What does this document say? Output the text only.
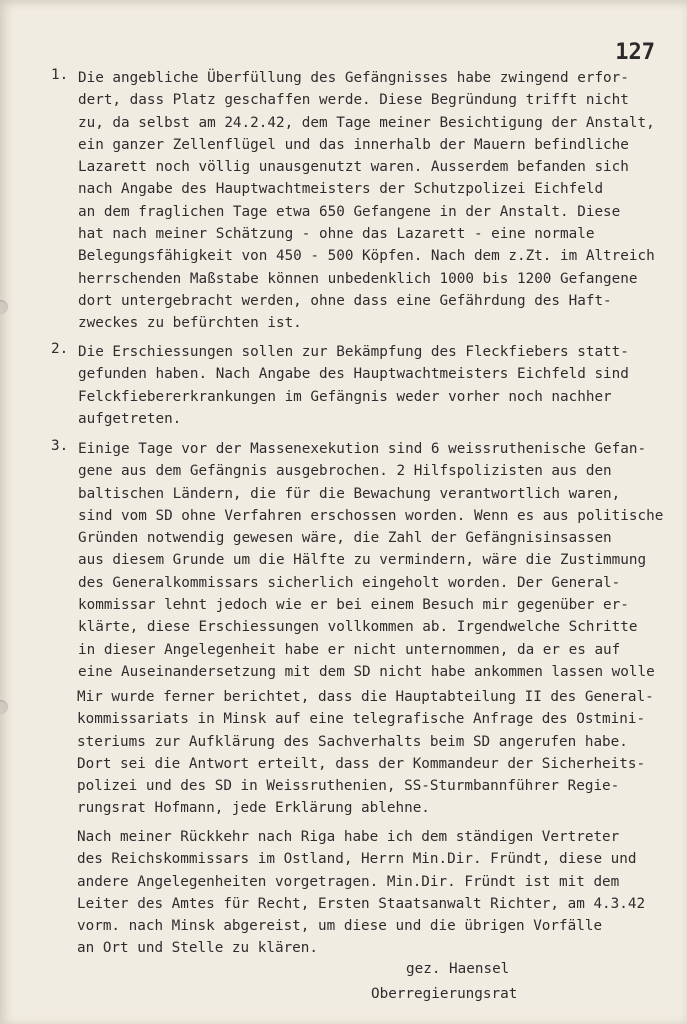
127
1. Die angebliche Überfüllung des Gefängnisses habe zwingend erfor-
dert, dass Platz geschaffen werde. Diese Begründung trifft nicht
zu, da selbst am 24.2.42, dem Tage meiner Besichtigung der Anstalt,
ein ganzer Zellenflügel und das innerhalb der Mauern befindliche
Lazarett noch völlig unausgenutzt waren. Ausserdem befanden sich
nach Angabe des Hauptwachtmeisters der Schutzpolizei Eichfeld
an dem fraglichen Tage etwa 650 Gefangene in der Anstalt. Diese
hat nach meiner Schätzung - ohne das Lazarett - eine normale
Belegungsfähigkeit von 450 - 500 Köpfen. Nach dem z.Zt. im Altreich
herrschenden Maßstabe können unbedenklich 1000 bis 1200 Gefangene
dort untergebracht werden, ohne dass eine Gefährdung des Haft-
zweckes zu befürchten ist.
2. Die Erschiessungen sollen zur Bekämpfung des Fleckfiebers statt-
gefunden haben. Nach Angabe des Hauptwachtmeisters Eichfeld sind
Felckfiebererkrankungen im Gefängnis weder vorher noch nachher
aufgetreten.
3. Einige Tage vor der Massenexekution sind 6 weissruthenische Gefan-
gene aus dem Gefängnis ausgebrochen. 2 Hilfspolizisten aus den
baltischen Ländern, die für die Bewachung verantwortlich waren,
sind vom SD ohne Verfahren erschossen worden. Wenn es aus politische
Gründen notwendig gewesen wäre, die Zahl der Gefängnisinsassen
aus diesem Grunde um die Hälfte zu vermindern, wäre die Zustimmung
des Generalkommissars sicherlich eingeholt worden. Der General-
kommissar lehnt jedoch wie er bei einem Besuch mir gegenüber er-
klärte, diese Erschiessungen vollkommen ab. Irgendwelche Schritte
in dieser Angelegenheit habe er nicht unternommen, da er es auf
eine Auseinandersetzung mit dem SD nicht habe ankommen lassen wolle
Mir wurde ferner berichtet, dass die Hauptabteilung II des General-
kommissariats in Minsk auf eine telegrafische Anfrage des Ostmini-
steriums zur Aufklärung des Sachverhalts beim SD angerufen habe.
Dort sei die Antwort erteilt, dass der Kommandeur der Sicherheits-
polizei und des SD in Weissruthenien, SS-Sturmbannführer Regie-
rungsrat Hofmann, jede Erklärung ablehne.
Nach meiner Rückkehr nach Riga habe ich dem ständigen Vertreter
des Reichskommissars im Ostland, Herrn Min.Dir. Fründt, diese und
andere Angelegenheiten vorgetragen. Min.Dir. Fründt ist mit dem
Leiter des Amtes für Recht, Ersten Staatsanwalt Richter, am 4.3.42
vorm. nach Minsk abgereist, um diese und die übrigen Vorfälle
an Ort und Stelle zu klären.
gez. Haensel
Oberregierungsrat
